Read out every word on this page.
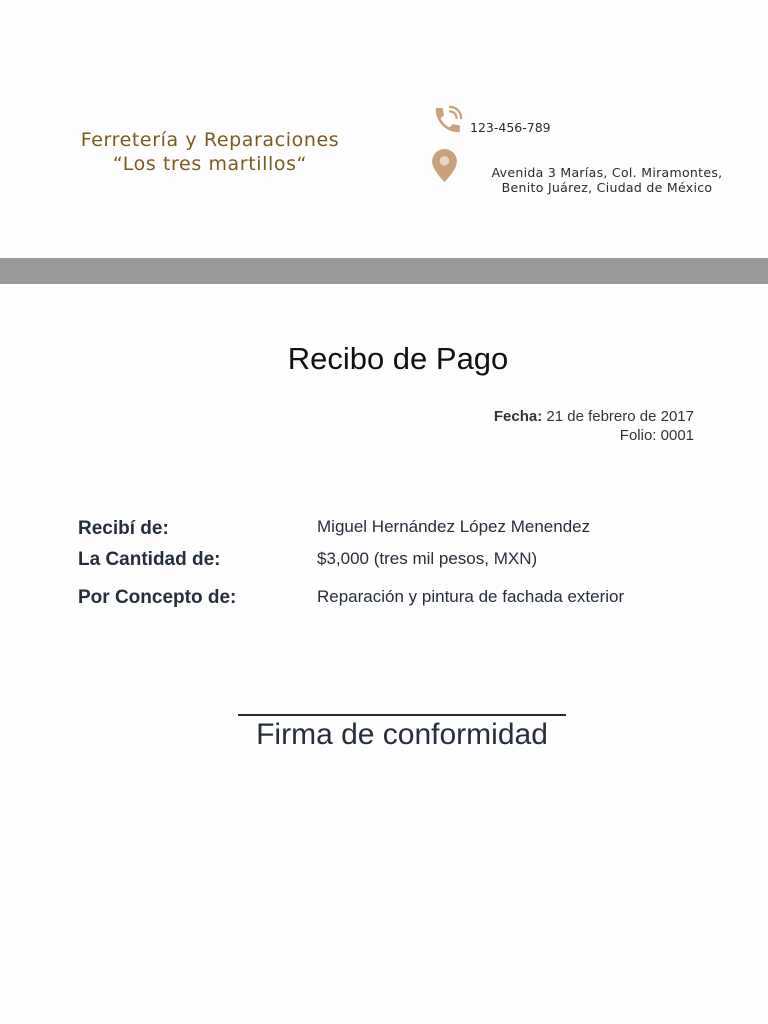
Ferretería y Reparaciones
“Los tres martillos“
123-456-789
Avenida 3 Marías, Col. Miramontes,
Benito Juárez, Ciudad de México
Recibo de Pago
Fecha: 21 de febrero de 2017
Folio: 0001
Recibí de:	Miguel Hernández López Menendez
La Cantidad de:	$3,000 (tres mil pesos, MXN)
Por Concepto de:	Reparación y pintura de fachada exterior
Firma de conformidad
